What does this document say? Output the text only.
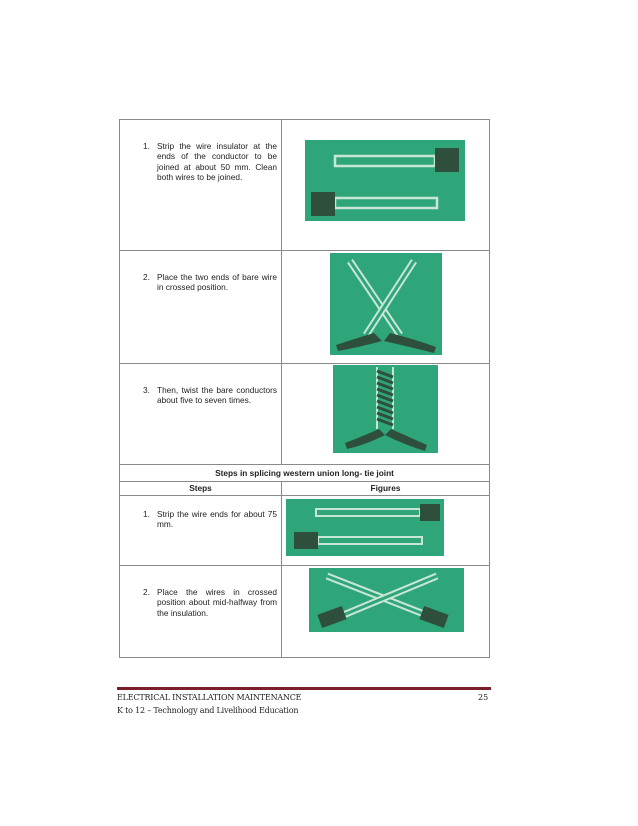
1. Strip the wire insulator at the ends of the conductor to be joined at about 50 mm. Clean both wires to be joined.

2. Place the two ends of bare wire in crossed position.

3. Then, twist the bare conductors about five to seven times.

Steps in splicing western union long- tie joint	
Steps	Figures

1. Strip the wire ends for about 75 mm.

2. Place the wires in crossed position about mid-halfway from the insulation.

ELECTRICAL INSTALLATION MAINTENANCE
K to 12 – Technology and Livelihood Education
25
